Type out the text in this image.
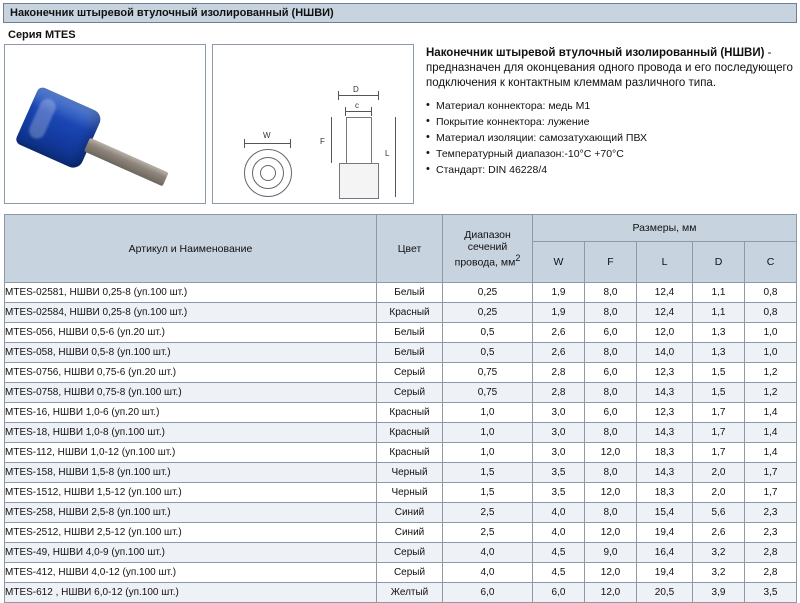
Наконечник штыревой втулочный изолированный (НШВИ)
Серия MTES
D
c
F
L
W
Наконечник штыревой втулочный изолированный (НШВИ) - предназначен для оконцевания одного провода и его последующего подключения к контактным клеммам различного типа.
• Материал коннектора: медь М1
• Покрытие коннектора: лужение
• Материал изоляции: самозатухающий ПВХ
• Температурный диапазон:-10°С +70°С
• Стандарт: DIN 46228/4
Артикул и Наименование	Цвет	Диапазон
сечений
провода, мм$^2$	Размеры, мм				
			W	F	L	D	C
MTES-02581, НШВИ 0,25-8 (уп.100 шт.)	Белый	0,25	1,9	8,0	12,4	1,1	0,8
MTES-02584, НШВИ 0,25-8 (уп.100 шт.)	Красный	0,25	1,9	8,0	12,4	1,1	0,8
MTES-056, НШВИ 0,5-6 (уп.20 шт.)	Белый	0,5	2,6	6,0	12,0	1,3	1,0
MTES-058, НШВИ 0,5-8 (уп.100 шт.)	Белый	0,5	2,6	8,0	14,0	1,3	1,0
MTES-0756, НШВИ 0,75-6 (уп.20 шт.)	Серый	0,75	2,8	6,0	12,3	1,5	1,2
MTES-0758, НШВИ 0,75-8 (уп.100 шт.)	Серый	0,75	2,8	8,0	14,3	1,5	1,2
MTES-16, НШВИ 1,0-6 (уп.20 шт.)	Красный	1,0	3,0	6,0	12,3	1,7	1,4
MTES-18, НШВИ 1,0-8 (уп.100 шт.)	Красный	1,0	3,0	8,0	14,3	1,7	1,4
MTES-112, НШВИ 1,0-12 (уп.100 шт.)	Красный	1,0	3,0	12,0	18,3	1,7	1,4
MTES-158, НШВИ 1,5-8 (уп.100 шт.)	Черный	1,5	3,5	8,0	14,3	2,0	1,7
MTES-1512, НШВИ 1,5-12 (уп.100 шт.)	Черный	1,5	3,5	12,0	18,3	2,0	1,7
MTES-258, НШВИ 2,5-8 (уп.100 шт.)	Синий	2,5	4,0	8,0	15,4	5,6	2,3
MTES-2512, НШВИ 2,5-12 (уп.100 шт.)	Синий	2,5	4,0	12,0	19,4	2,6	2,3
MTES-49, НШВИ 4,0-9 (уп.100 шт.)	Серый	4,0	4,5	9,0	16,4	3,2	2,8
MTES-412, НШВИ 4,0-12 (уп.100 шт.)	Серый	4,0	4,5	12,0	19,4	3,2	2,8
MTES-612 , НШВИ 6,0-12 (уп.100 шт.)	Желтый	6,0	6,0	12,0	20,5	3,9	3,5
